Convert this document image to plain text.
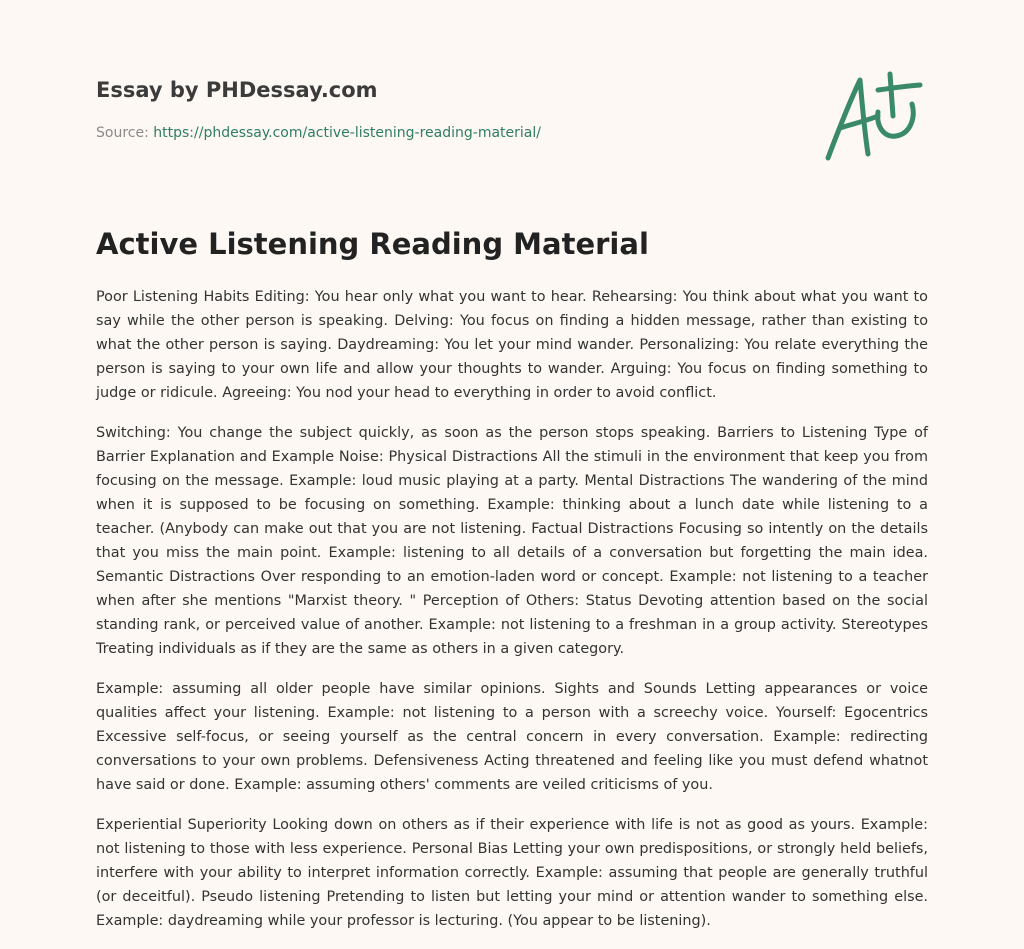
Essay by PHDessay.com

Source: https://phdessay.com/active-listening-reading-material/
Active Listening Reading Material

Poor Listening Habits Editing: You hear only what you want to hear. Rehearsing: You think about what you want to say while the other person is speaking. Delving: You focus on finding a hidden message, rather than existing to what the other person is saying. Daydreaming: You let your mind wander. Personalizing: You relate everything the person is saying to your own life and allow your thoughts to wander. Arguing: You focus on finding something to judge or ridicule. Agreeing: You nod your head to everything in order to avoid conflict.

Switching: You change the subject quickly, as soon as the person stops speaking. Barriers to Listening Type of Barrier Explanation and Example Noise: Physical Distractions All the stimuli in the environment that keep you from focusing on the message. Example: loud music playing at a party. Mental Distractions The wandering of the mind when it is supposed to be focusing on something. Example: thinking about a lunch date while listening to a teacher. (Anybody can make out that you are not listening. Factual Distractions Focusing so intently on the details that you miss the main point. Example: listening to all details of a conversation but forgetting the main idea. Semantic Distractions Over responding to an emotion-laden word or concept. Example: not listening to a teacher when after she mentions "Marxist theory. " Perception of Others: Status Devoting attention based on the social standing rank, or perceived value of another. Example: not listening to a freshman in a group activity. Stereotypes Treating individuals as if they are the same as others in a given category.

Example: assuming all older people have similar opinions. Sights and Sounds Letting appearances or voice qualities affect your listening. Example: not listening to a person with a screechy voice. Yourself: Egocentrics Excessive self-focus, or seeing yourself as the central concern in every conversation. Example: redirecting conversations to your own problems. Defensiveness Acting threatened and feeling like you must defend whatnot have said or done. Example: assuming others' comments are veiled criticisms of you.

Experiential Superiority Looking down on others as if their experience with life is not as good as yours. Example: not listening to those with less experience. Personal Bias Letting your own predispositions, or strongly held beliefs, interfere with your ability to interpret information correctly. Example: assuming that people are generally truthful (or deceitful). Pseudo listening Pretending to listen but letting your mind or attention wander to something else. Example: daydreaming while your professor is lecturing. (You appear to be listening).
